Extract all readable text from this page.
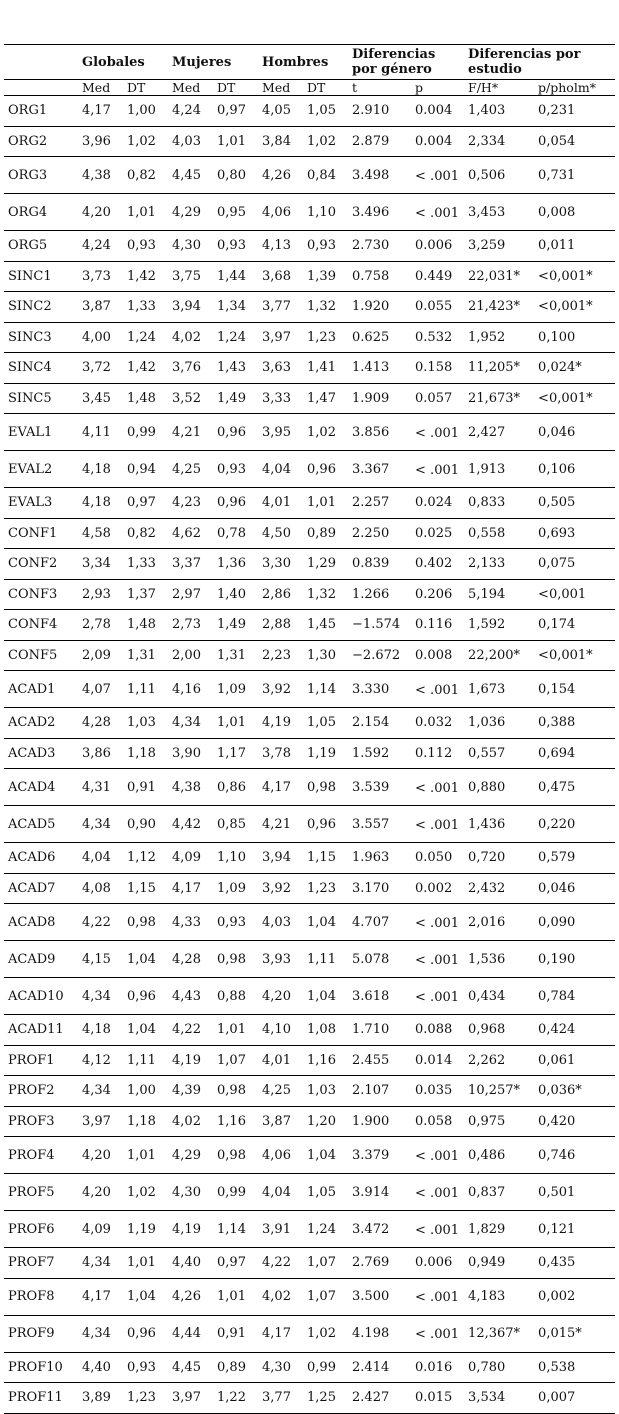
	Globales		Mujeres		Hombres		Diferencias por género		Diferencias por estudio	
	Med	DT	Med	DT	Med	DT	t	p	F/H*	p/pholm*
ORG1	4,17	1,00	4,24	0,97	4,05	1,05	2.910	0.004	1,403	0,231
ORG2	3,96	1,02	4,03	1,01	3,84	1,02	2.879	0.004	2,334	0,054
ORG3	4,38	0,82	4,45	0,80	4,26	0,84	3.498	< .001	0,506	0,731
ORG4	4,20	1,01	4,29	0,95	4,06	1,10	3.496	< .001	3,453	0,008
ORG5	4,24	0,93	4,30	0,93	4,13	0,93	2.730	0.006	3,259	0,011
SINC1	3,73	1,42	3,75	1,44	3,68	1,39	0.758	0.449	22,031*	<0,001*
SINC2	3,87	1,33	3,94	1,34	3,77	1,32	1.920	0.055	21,423*	<0,001*
SINC3	4,00	1,24	4,02	1,24	3,97	1,23	0.625	0.532	1,952	0,100
SINC4	3,72	1,42	3,76	1,43	3,63	1,41	1.413	0.158	11,205*	0,024*
SINC5	3,45	1,48	3,52	1,49	3,33	1,47	1.909	0.057	21,673*	<0,001*
EVAL1	4,11	0,99	4,21	0,96	3,95	1,02	3.856	< .001	2,427	0,046
EVAL2	4,18	0,94	4,25	0,93	4,04	0,96	3.367	< .001	1,913	0,106
EVAL3	4,18	0,97	4,23	0,96	4,01	1,01	2.257	0.024	0,833	0,505
CONF1	4,58	0,82	4,62	0,78	4,50	0,89	2.250	0.025	0,558	0,693
CONF2	3,34	1,33	3,37	1,36	3,30	1,29	0.839	0.402	2,133	0,075
CONF3	2,93	1,37	2,97	1,40	2,86	1,32	1.266	0.206	5,194	<0,001
CONF4	2,78	1,48	2,73	1,49	2,88	1,45	−1.574	0.116	1,592	0,174
CONF5	2,09	1,31	2,00	1,31	2,23	1,30	−2.672	0.008	22,200*	<0,001*
ACAD1	4,07	1,11	4,16	1,09	3,92	1,14	3.330	< .001	1,673	0,154
ACAD2	4,28	1,03	4,34	1,01	4,19	1,05	2.154	0.032	1,036	0,388
ACAD3	3,86	1,18	3,90	1,17	3,78	1,19	1.592	0.112	0,557	0,694
ACAD4	4,31	0,91	4,38	0,86	4,17	0,98	3.539	< .001	0,880	0,475
ACAD5	4,34	0,90	4,42	0,85	4,21	0,96	3.557	< .001	1,436	0,220
ACAD6	4,04	1,12	4,09	1,10	3,94	1,15	1.963	0.050	0,720	0,579
ACAD7	4,08	1,15	4,17	1,09	3,92	1,23	3.170	0.002	2,432	0,046
ACAD8	4,22	0,98	4,33	0,93	4,03	1,04	4.707	< .001	2,016	0,090
ACAD9	4,15	1,04	4,28	0,98	3,93	1,11	5.078	< .001	1,536	0,190
ACAD10	4,34	0,96	4,43	0,88	4,20	1,04	3.618	< .001	0,434	0,784
ACAD11	4,18	1,04	4,22	1,01	4,10	1,08	1.710	0.088	0,968	0,424
PROF1	4,12	1,11	4,19	1,07	4,01	1,16	2.455	0.014	2,262	0,061
PROF2	4,34	1,00	4,39	0,98	4,25	1,03	2.107	0.035	10,257*	0,036*
PROF3	3,97	1,18	4,02	1,16	3,87	1,20	1.900	0.058	0,975	0,420
PROF4	4,20	1,01	4,29	0,98	4,06	1,04	3.379	< .001	0,486	0,746
PROF5	4,20	1,02	4,30	0,99	4,04	1,05	3.914	< .001	0,837	0,501
PROF6	4,09	1,19	4,19	1,14	3,91	1,24	3.472	< .001	1,829	0,121
PROF7	4,34	1,01	4,40	0,97	4,22	1,07	2.769	0.006	0,949	0,435
PROF8	4,17	1,04	4,26	1,01	4,02	1,07	3.500	< .001	4,183	0,002
PROF9	4,34	0,96	4,44	0,91	4,17	1,02	4.198	< .001	12,367*	0,015*
PROF10	4,40	0,93	4,45	0,89	4,30	0,99	2.414	0.016	0,780	0,538
PROF11	3,89	1,23	3,97	1,22	3,77	1,25	2.427	0.015	3,534	0,007
